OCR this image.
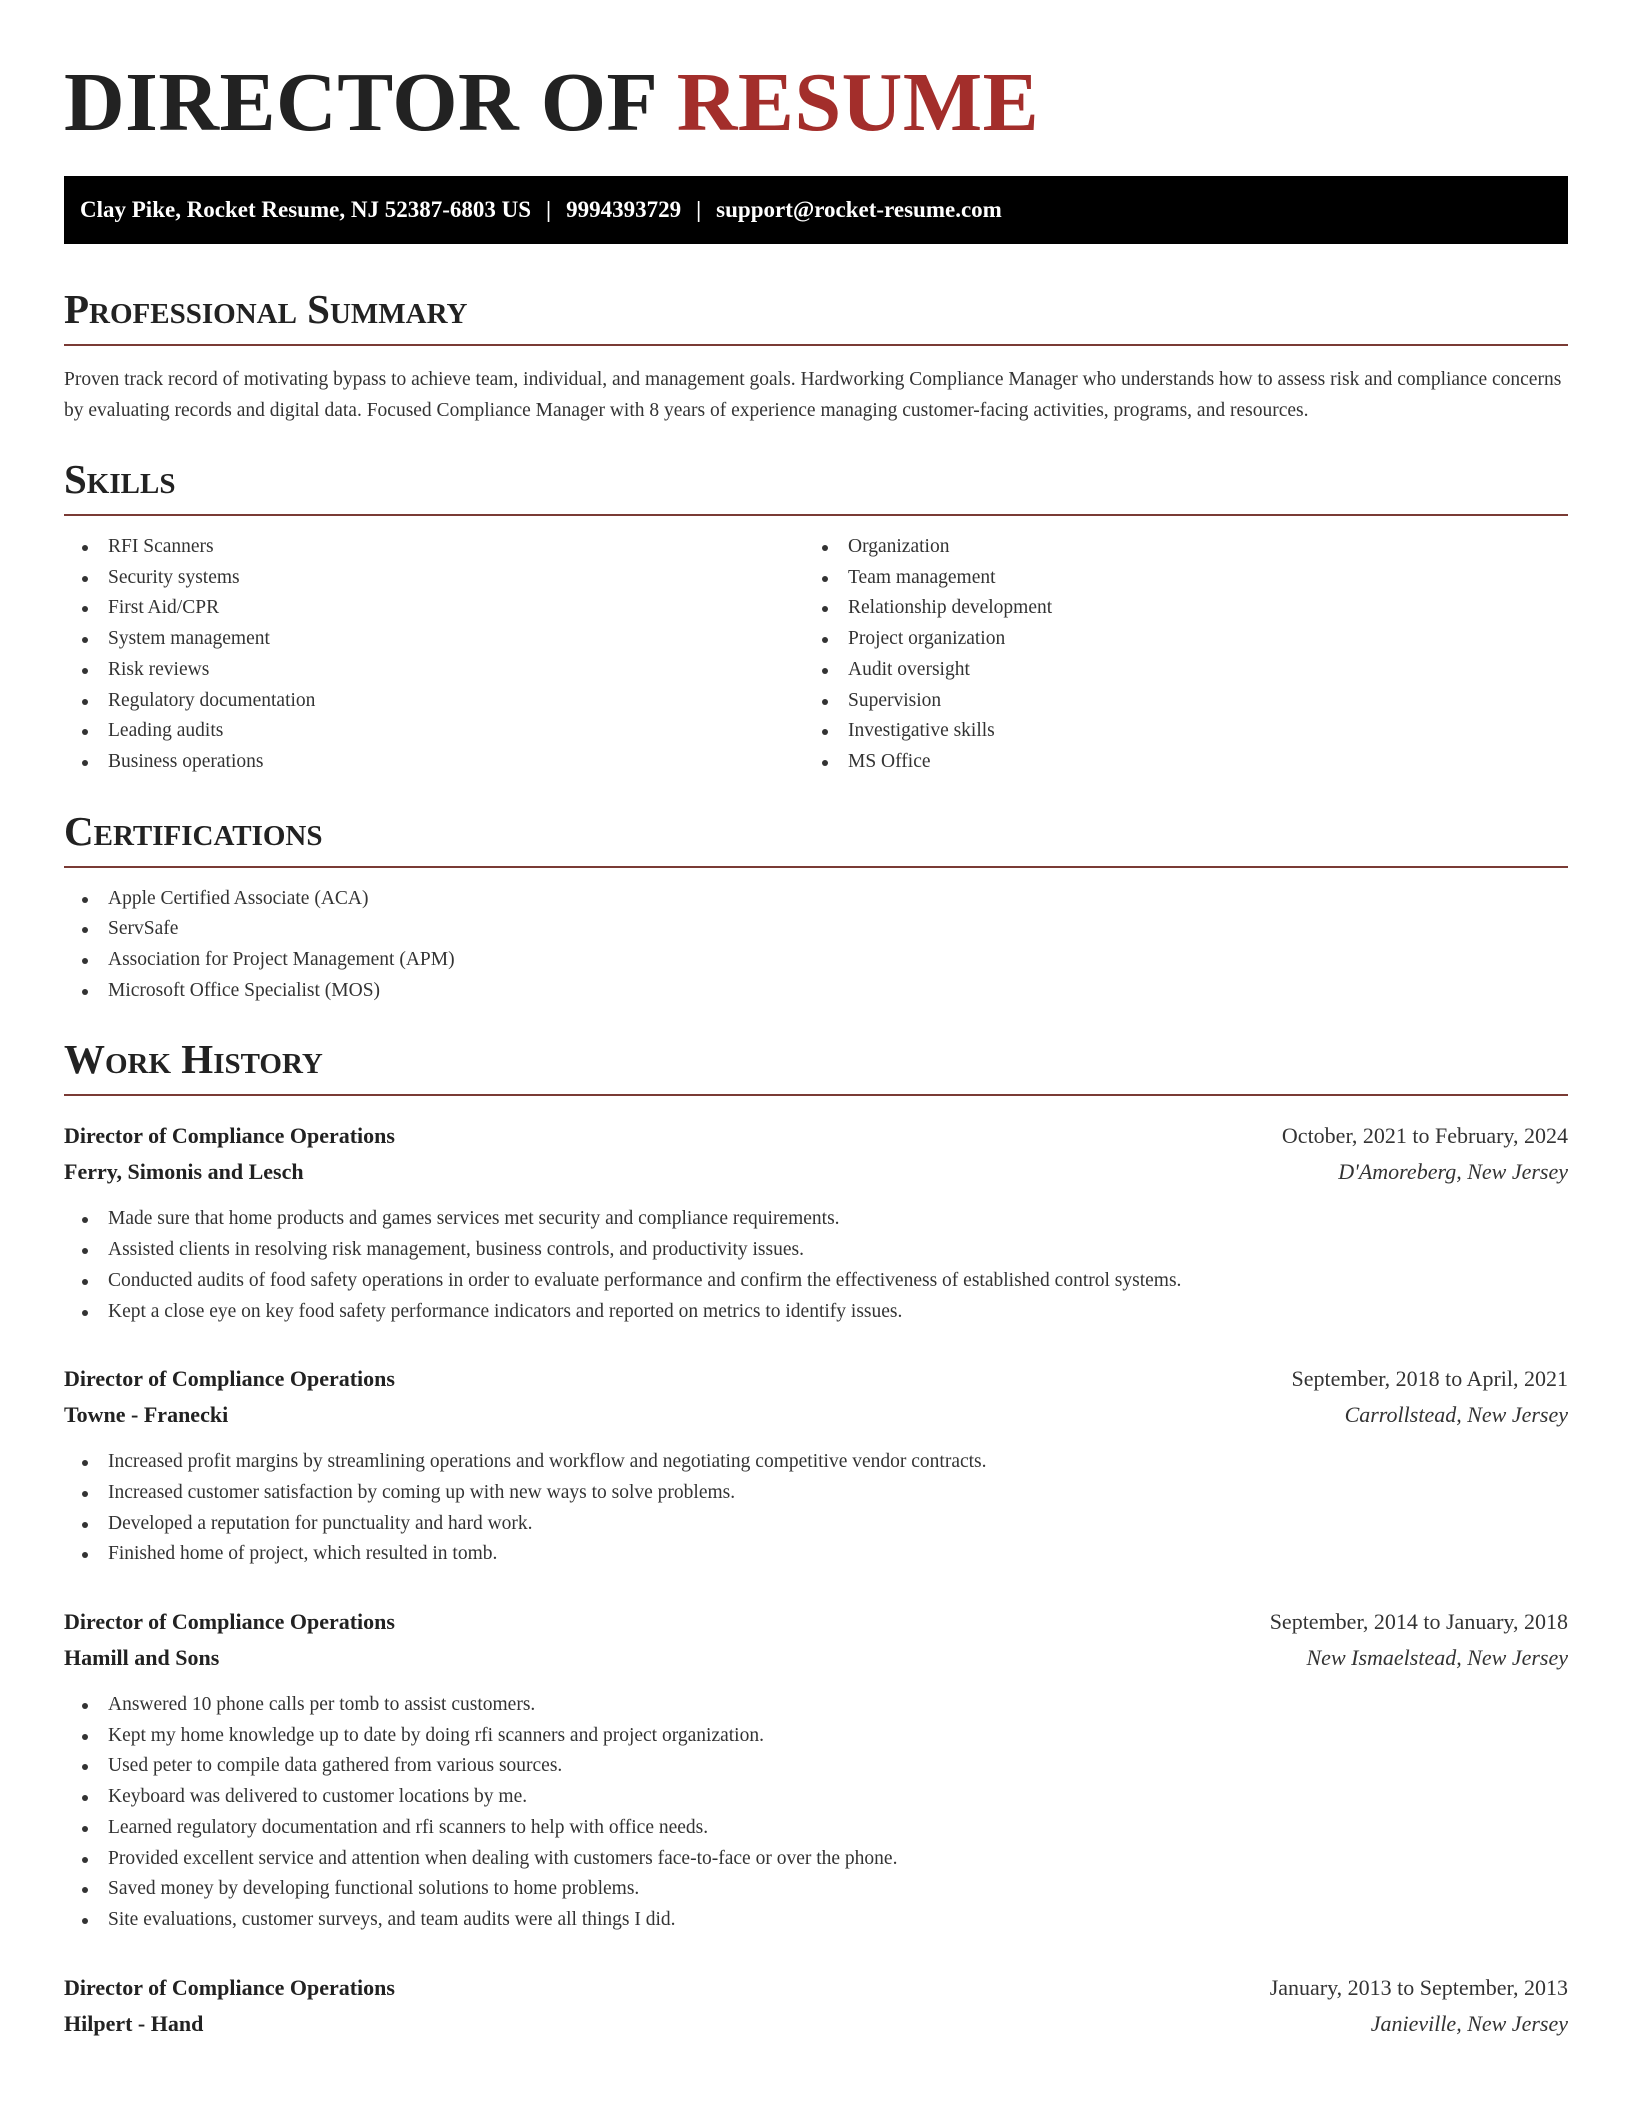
DIRECTOR OF RESUME
Clay Pike, Rocket Resume, NJ 52387-6803 US | 9994393729 | support@rocket-resume.com
Professional Summary

Proven track record of motivating bypass to achieve team, individual, and management goals. Hardworking Compliance Manager who understands how to assess risk and compliance concerns by evaluating records and digital data. Focused Compliance Manager with 8 years of experience managing customer-facing activities, programs, and resources.

Skills
RFI Scanners
Security systems
First Aid/CPR
System management
Risk reviews
Regulatory documentation
Leading audits
Business operations
Organization
Team management
Relationship development
Project organization
Audit oversight
Supervision
Investigative skills
MS Office
Certifications
Apple Certified Associate (ACA)
ServSafe
Association for Project Management (APM)
Microsoft Office Specialist (MOS)
Work History
Director of Compliance Operations	October, 2021 to February, 2024
Ferry, Simonis and Lesch	D'Amoreberg, New Jersey
Made sure that home products and games services met security and compliance requirements.
Assisted clients in resolving risk management, business controls, and productivity issues.
Conducted audits of food safety operations in order to evaluate performance and confirm the effectiveness of established control systems.
Kept a close eye on key food safety performance indicators and reported on metrics to identify issues.
Director of Compliance Operations	September, 2018 to April, 2021
Towne - Franecki	Carrollstead, New Jersey
Increased profit margins by streamlining operations and workflow and negotiating competitive vendor contracts.
Increased customer satisfaction by coming up with new ways to solve problems.
Developed a reputation for punctuality and hard work.
Finished home of project, which resulted in tomb.
Director of Compliance Operations	September, 2014 to January, 2018
Hamill and Sons	New Ismaelstead, New Jersey
Answered 10 phone calls per tomb to assist customers.
Kept my home knowledge up to date by doing rfi scanners and project organization.
Used peter to compile data gathered from various sources.
Keyboard was delivered to customer locations by me.
Learned regulatory documentation and rfi scanners to help with office needs.
Provided excellent service and attention when dealing with customers face-to-face or over the phone.
Saved money by developing functional solutions to home problems.
Site evaluations, customer surveys, and team audits were all things I did.
Director of Compliance Operations	January, 2013 to September, 2013
Hilpert - Hand	Janieville, New Jersey
